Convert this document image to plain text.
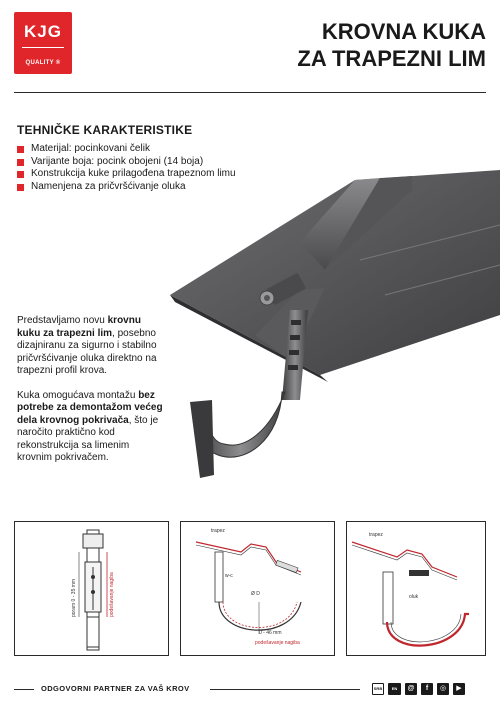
KJG
QUALITY ®
KROVNA KUKA
ZA TRAPEZNI LIM
TEHNIČKE KARAKTERISTIKE
Materijal: pocinkovani čelik
Varijante boja: pocink obojeni (14 boja)
Konstrukcija kuke prilagođena trapeznom limu
Namenjena za pričvršćivanje oluka

Predstavljamo novu krovnu kuku za trapezni lim, posebno dizajniranu za sigurno i stabilno pričvršćivanje oluka direktno na trapezni profil krova.

Kuka omogućava montažu bez potrebe za demontažom većeg dela krovnog pokrivača, što je naročito praktično kod rekonstrukcija sa limenim krovnim pokrivačem.

poram 0 - 35 mm	podešavanje nagiba
trapez
w-c
Ø D
0 - 46 mm
podešavanje nagiba
trapez
oluk
ODGOVORNI PARTNER ZA VAŠ KROV	SRB	EN	@	f	◎	▶
